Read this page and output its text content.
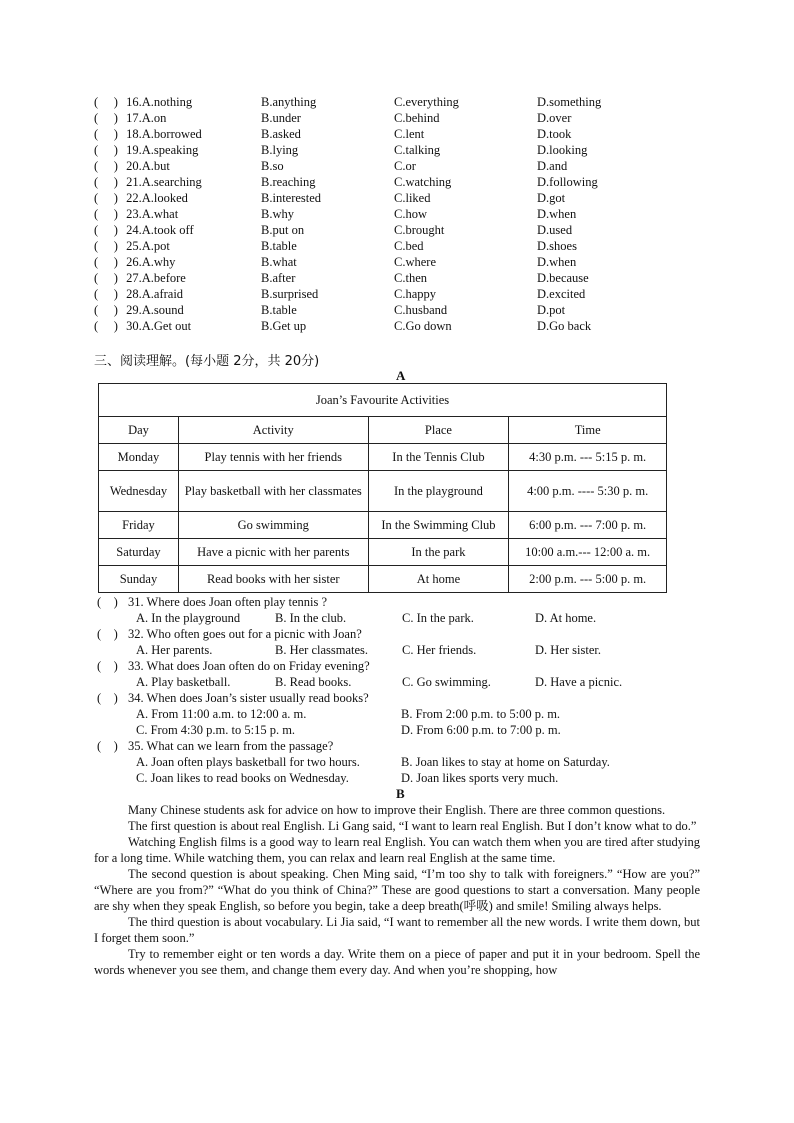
(     ) 16.A.nothing	B.anything	C.everything	D.something
(     ) 17.A.on	B.under	C.behind	D.over
(     ) 18.A.borrowed	B.asked	C.lent	D.took
(     ) 19.A.speaking	B.lying	C.talking	D.looking
(     ) 20.A.but	B.so	C.or	D.and
(     ) 21.A.searching	B.reaching	C.watching	D.following
(     ) 22.A.looked	B.interested	C.liked	D.got
(     ) 23.A.what	B.why	C.how	D.when
(     ) 24.A.took off	B.put on	C.brought	D.used
(     ) 25.A.pot	B.table	C.bed	D.shoes
(     ) 26.A.why	B.what	C.where	D.when
(     ) 27.A.before	B.after	C.then	D.because
(     ) 28.A.afraid	B.surprised	C.happy	D.excited
(     ) 29.A.sound	B.table	C.husband	D.pot
(     ) 30.A.Get out	B.Get up	C.Go down	D.Go back
三、阅读理解。(每小题 2分，共 20分)
A
Joan’s Favourite Activities			
Day	Activity	Place	Time
Monday	Play tennis with her friends	In the Tennis Club	4:30 p.m. --- 5:15 p. m.
Wednesday	Play basketball with her classmates	In the playground	4:00 p.m. ---- 5:30 p. m.
Friday	Go swimming	In the Swimming Club	6:00 p.m. --- 7:00 p. m.
Saturday	Have a picnic with her parents	In the park	10:00 a.m.--- 12:00 a. m.
Sunday	Read books with her sister	At home	2:00 p.m. --- 5:00 p. m.
(    ) 31. Where does Joan often play tennis ?
A. In the playground	B. In the club.	C. In the park.	D. At home.
(    ) 32. Who often goes out for a picnic with Joan?
A. Her parents.	B. Her classmates.	C. Her friends.	D. Her sister.
(    ) 33. What does Joan often do on Friday evening?
A. Play basketball.	B. Read books.	C. Go swimming.	D. Have a picnic.
(    ) 34. When does Joan’s sister usually read books?
A. From 11:00 a.m. to 12:00 a. m.	B. From 2:00 p.m. to 5:00 p. m.
C. From 4:30 p.m. to 5:15 p. m.	D. From 6:00 p.m. to 7:00 p. m.
(    ) 35. What can we learn from the passage?
A. Joan often plays basketball for two hours.	B. Joan likes to stay at home on Saturday.
C. Joan likes to read books on Wednesday.	D. Joan likes sports very much.
B

Many Chinese students ask for advice on how to improve their English. There are three common questions.

The first question is about real English. Li Gang said, “I want to learn real English. But I don’t know what to do.”

Watching English films is a good way to learn real English. You can watch them when you are tired after studying for a long time. While watching them, you can relax and learn real English at the same time.

The second question is about speaking. Chen Ming said, “I’m too shy to talk with foreigners.” “How are you?” “Where are you from?” “What do you think of China?” These are good questions to start a conversation. Many people are shy when they speak English, so before you begin, take a deep breath(呼吸) and smile! Smiling always helps.

The third question is about vocabulary. Li Jia said, “I want to remember all the new words. I write them down, but I forget them soon.”

Try to remember eight or ten words a day. Write them on a piece of paper and put it in your bedroom. Spell the words whenever you see them, and change them every day. And when you’re shopping, how
